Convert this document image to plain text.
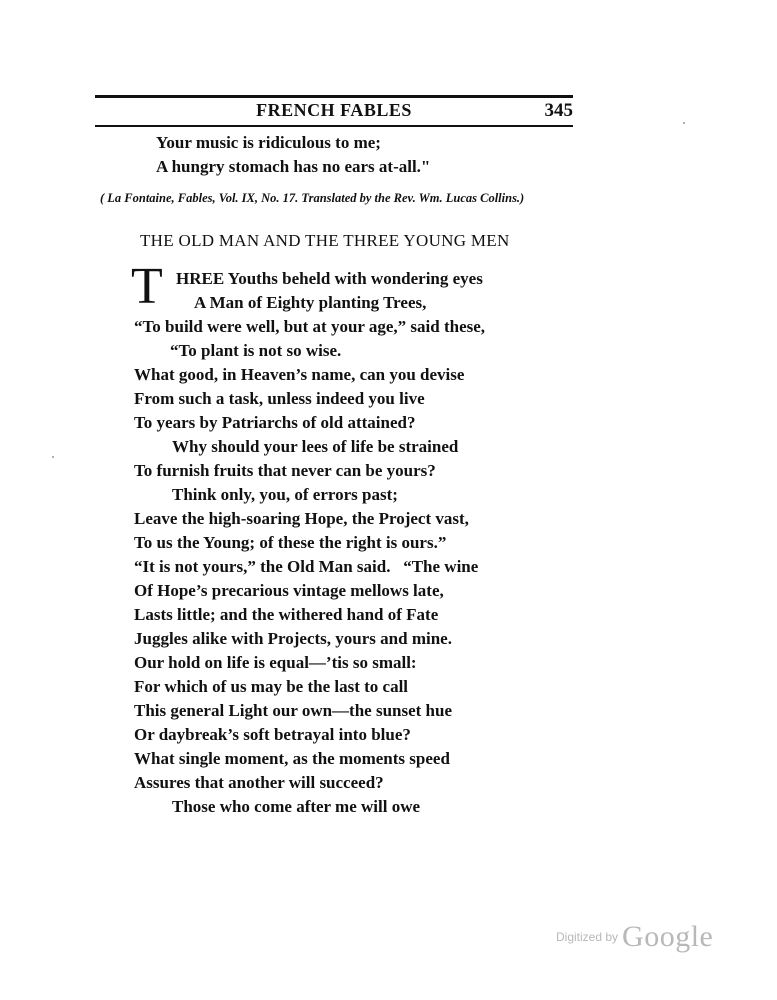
FRENCH FABLES	345
Your music is ridiculous to me;
A hungry stomach has no ears at-all."
( La Fontaine, Fables, Vol. IX, No. 17. Translated by the Rev. Wm. Lucas Collins.)
THE OLD MAN AND THE THREE YOUNG MEN
T HREE Youths beheld with wondering eyes
A Man of Eighty planting Trees,
“To build were well, but at your age,” said these,
“To plant is not so wise.
What good, in Heaven’s name, can you devise
From such a task, unless indeed you live
To years by Patriarchs of old attained?
Why should your lees of life be strained
To furnish fruits that never can be yours?
Think only, you, of errors past;
Leave the high-soaring Hope, the Project vast,
To us the Young; of these the right is ours.”
“It is not yours,” the Old Man said.   “The wine
Of Hope’s precarious vintage mellows late,
Lasts little; and the withered hand of Fate
Juggles alike with Projects, yours and mine.
Our hold on life is equal—’tis so small:
For which of us may be the last to call
This general Light our own—the sunset hue
Or daybreak’s soft betrayal into blue?
What single moment, as the moments speed
Assures that another will succeed?
Those who come after me will owe
Digitized by Google
